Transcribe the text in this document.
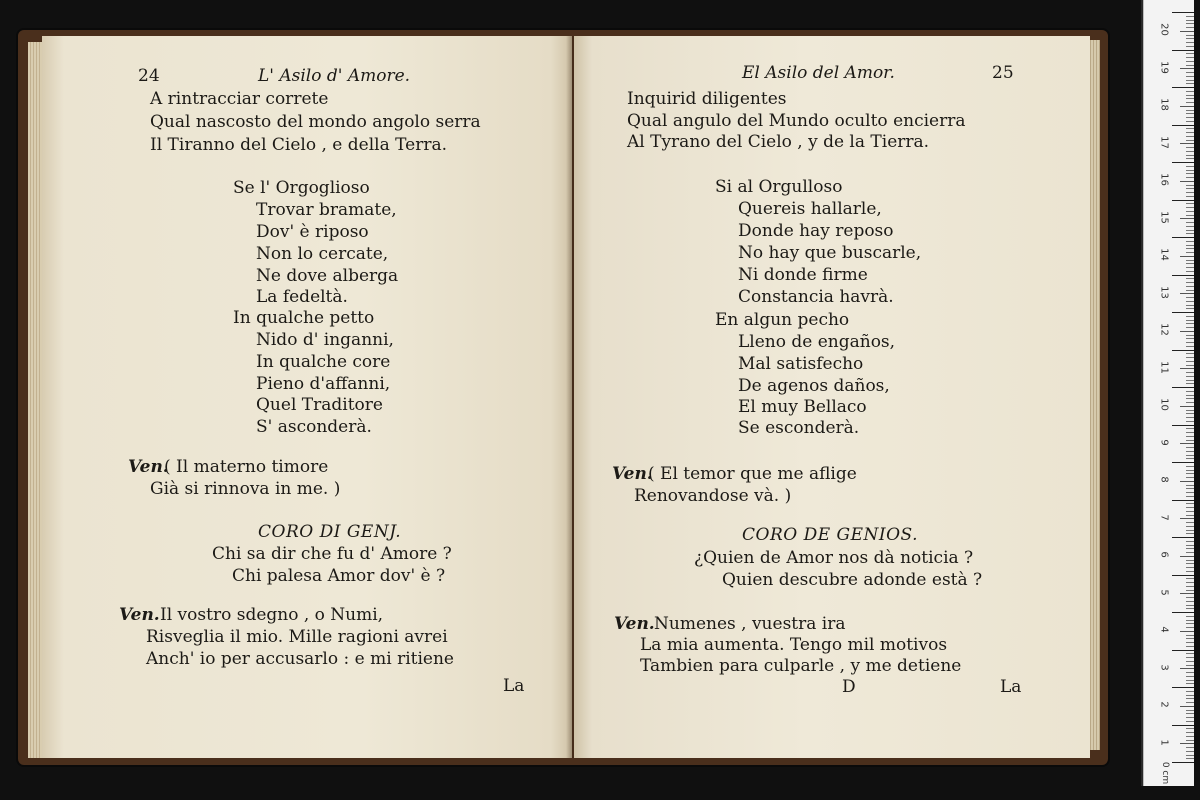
24	L' Asilo d' Amore.
A rintracciar correte
Qual nascosto del mondo angolo serra
Il Tiranno del Cielo , e della Terra.
Se l' Orgoglioso
Trovar bramate,
Dov' è riposo
Non lo cercate,
Ne dove alberga
La fedeltà.
In qualche petto
Nido d' inganni,
In qualche core
Pieno d'affanni,
Quel Traditore
S' asconderà.
Ven.
( Il materno timore
Già si rinnova in me. )
CORO DI GENJ.
Chi sa dir che fu d' Amore ?
Chi palesa Amor dov' è ?
Ven. Il vostro sdegno , o Numi,
Risveglia il mio. Mille ragioni avrei
Anch' io per accusarlo : e mi ritiene
La
El Asilo del Amor.	25
Inquirid diligentes
Qual angulo del Mundo oculto encierra
Al Tyrano del Cielo , y de la Tierra.
Si al Orgulloso
Quereis hallarle,
Donde hay reposo
No hay que buscarle,
Ni donde firme
Constancia havrà.
En algun pecho
Lleno de engaños,
Mal satisfecho
De agenos daños,
El muy Bellaco
Se esconderà.
Ven.
( El temor que me aflige
Renovandose và. )
CORO DE GENIOS.
¿Quien de Amor nos dà noticia ?
Quien descubre adonde està ?
Ven. Numenes , vuestra ira
La mia aumenta. Tengo mil motivos
Tambien para culparle , y me detiene
D	La
0 cm
20
19
18
17
16
15
14
13
12
11
10
9
8
7
6
5
4
3
2
1
